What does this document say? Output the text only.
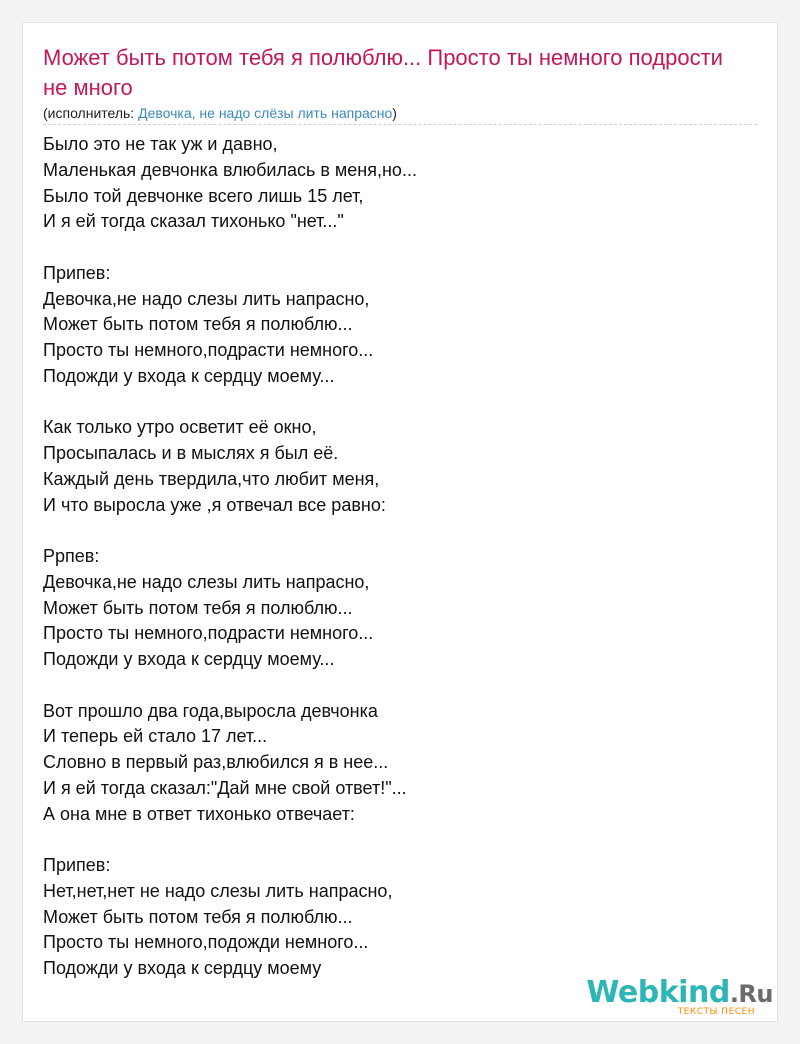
Может быть потом тебя я полюблю... Просто ты немного подрости не много
(исполнитель: Девочка, не надо слёзы лить напрасно)
Было это не так уж и давно,
Маленькая девчонка влюбилась в меня,но...
Было той девчонке всего лишь 15 лет,
И я ей тогда сказал тихонько "нет..."
Припев:
Девочка,не надо слезы лить напрасно,
Может быть потом тебя я полюблю...
Просто ты немного,подрасти немного...
Подожди у входа к сердцу моему...
Как только утро осветит её окно,
Просыпалась и в мыслях я был её.
Каждый день твердила,что любит меня,
И что выросла уже ,я отвечал все равно:
Ррпев:
Девочка,не надо слезы лить напрасно,
Может быть потом тебя я полюблю...
Просто ты немного,подрасти немного...
Подожди у входа к сердцу моему...
Вот прошло два года,выросла девчонка
И теперь ей стало 17 лет...
Словно в первый раз,влюбился я в нее...
И я ей тогда сказал:"Дай мне свой ответ!"...
А она мне в ответ тихонько отвечает:
Припев:
Нет,нет,нет не надо слезы лить напрасно,
Может быть потом тебя я полюблю...
Просто ты немного,подожди немного...
Подожди у входа к сердцу моему
Webkind.Ru
ТЕКСТЫ ПЕСЕН
